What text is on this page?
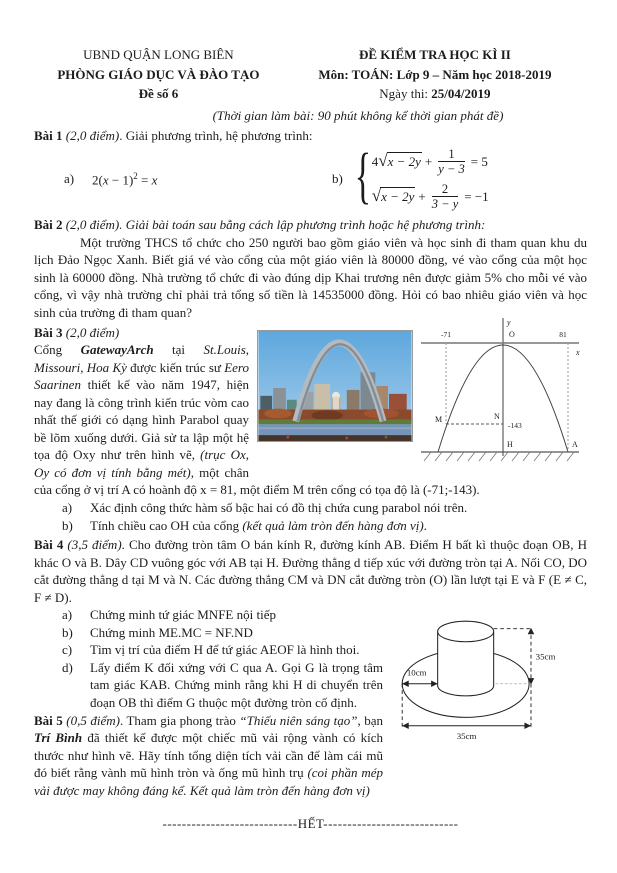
UBND QUẬN LONG BIÊN
PHÒNG GIÁO DỤC VÀ ĐÀO TẠO
Đề số 6
ĐỀ KIỂM TRA HỌC KÌ II
Môn: TOÁN: Lớp 9 – Năm học 2018-2019
Ngày thi: 25/04/2019
(Thời gian làm bài: 90 phút không kể thời gian phát đề)
Bài 1 (2,0 điểm). Giải phương trình, hệ phương trình:
a)	$2(x - 1)^2 = x$	b) { 4 √ $x - 2y + \frac{1}{y - 3} = 5$
√ $x - 2y + \frac{2}{3 - y} = -1$
Bài 2 (2,0 điểm). Giải bài toán sau bằng cách lập phương trình hoặc hệ phương trình:

Một trường THCS tổ chức cho 250 người bao gồm giáo viên và học sinh đi tham quan khu du lịch Đảo Ngọc Xanh. Biết giá vé vào cổng của một giáo viên là 80000 đồng, vé vào cổng của một học sinh là 60000 đồng. Nhà trường tổ chức đi vào đúng dịp Khai trương nên được giảm 5% cho mỗi vé vào cổng, vì vậy nhà trường chỉ phải trả tổng số tiền là 14535000 đồng. Hỏi có bao nhiêu giáo viên và học sinh của trường đi tham quan?

-71	O	81
x
y
M	N
-143
H	A
Bài 3 (2,0 điểm)

Cổng GatewayArch tại St.Louis, Missouri, Hoa Kỳ được kiến trúc sư Eero Saarinen thiết kế vào năm 1947, hiện nay đang là công trình kiến trúc vòm cao nhất thế giới có dạng hình Parabol quay bề lõm xuống dưới. Giả sử ta lập một hệ tọa độ Oxy như trên hình vẽ, (trục Ox, Oy có đơn vị tính bằng mét), một chân của cổng ở vị trí A có hoành độ x = 81, một điểm M trên cổng có tọa độ là (-71;-143).

a)	Xác định công thức hàm số bậc hai có đồ thị chứa cung parabol nói trên.
b)	Tính chiều cao OH của cổng (kết quả làm tròn đến hàng đơn vị).

Bài 4 (3,5 điểm). Cho đường tròn tâm O bán kính R, đường kính AB. Điểm H bất kì thuộc đoạn OB, H khác O và B. Dây CD vuông góc với AB tại H. Đường thẳng d tiếp xúc với đường tròn tại A. Nối CO, DO cắt đường thẳng d tại M và N. Các đường thẳng CM và DN cắt đường tròn (O) lần lượt tại E và F (E ≠ C, F ≠ D).

a)	Chứng minh tứ giác MNFE nội tiếp
10cm
35cm
35cm
b)	Chứng minh ME.MC = NF.ND
c)	Tìm vị trí của điểm H để tứ giác AEOF là hình thoi.
d)	Lấy điểm K đối xứng với C qua A. Gọi G là trọng tâm tam giác KAB. Chứng minh rằng khi H di chuyển trên đoạn OB thì điểm G thuộc một đường tròn cố định.

Bài 5 (0,5 điểm). Tham gia phong trào “Thiếu niên sáng tạo”, bạn Trí Bình đã thiết kế được một chiếc mũ vải rộng vành có kích thước như hình vẽ. Hãy tính tổng diện tích vải cần để làm cái mũ đó biết rằng vành mũ hình tròn và ống mũ hình trụ (coi phần mép vải được may không đáng kể. Kết quả làm tròn đến hàng đơn vị)

----------------------------HẾT----------------------------
